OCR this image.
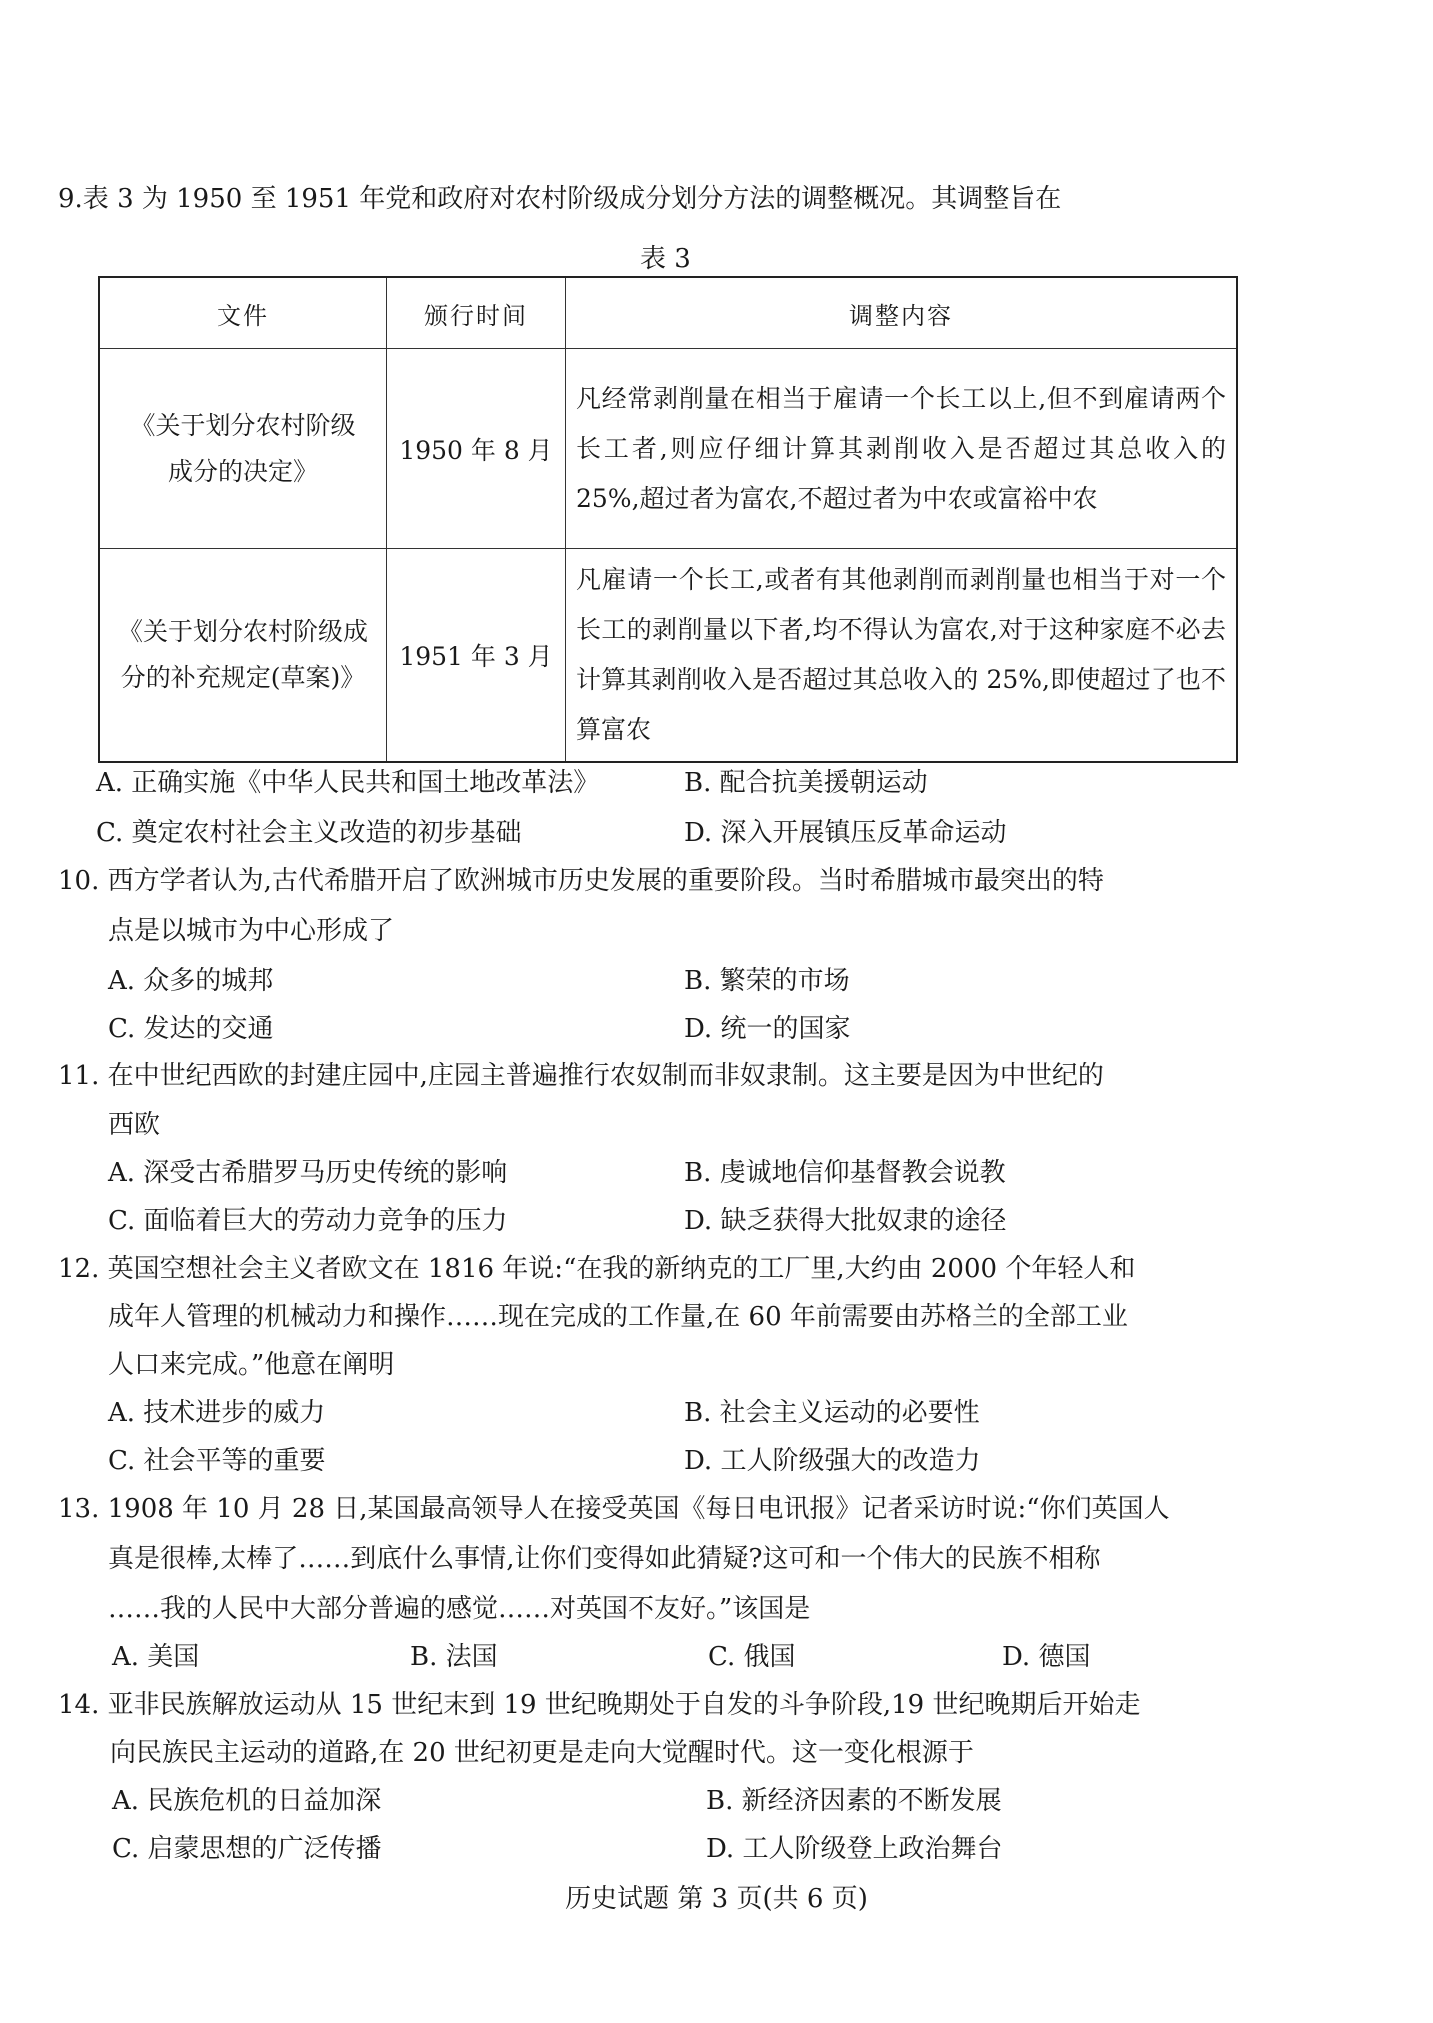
9.表 3 为 1950 至 1951 年党和政府对农村阶级成分划分方法的调整概况。其调整旨在
表 3
文件	颁行时间	调整内容

《关于划分农村阶级
成分的决定》	1950 年 8 月	凡经常剥削量在相当于雇请一个长工以上,但不到雇请两个长工者,则应仔细计算其剥削收入是否超过其总收入的 25%,超过者为富农,不超过者为中农或富裕中农

《关于划分农村阶级成
分的补充规定(草案)》	1951 年 3 月	凡雇请一个长工,或者有其他剥削而剥削量也相当于对一个长工的剥削量以下者,均不得认为富农,对于这种家庭不必去计算其剥削收入是否超过其总收入的 25%,即使超过了也不算富农
A. 正确实施《中华人民共和国土地改革法》	B. 配合抗美援朝运动
C. 奠定农村社会主义改造的初步基础	D. 深入开展镇压反革命运动
10. 西方学者认为,古代希腊开启了欧洲城市历史发展的重要阶段。当时希腊城市最突出的特
点是以城市为中心形成了
A. 众多的城邦	B. 繁荣的市场
C. 发达的交通	D. 统一的国家
11. 在中世纪西欧的封建庄园中,庄园主普遍推行农奴制而非奴隶制。这主要是因为中世纪的
西欧
A. 深受古希腊罗马历史传统的影响	B. 虔诚地信仰基督教会说教
C. 面临着巨大的劳动力竞争的压力	D. 缺乏获得大批奴隶的途径
12. 英国空想社会主义者欧文在 1816 年说:“在我的新纳克的工厂里,大约由 2000 个年轻人和
成年人管理的机械动力和操作……现在完成的工作量,在 60 年前需要由苏格兰的全部工业
人口来完成。”他意在阐明
A. 技术进步的威力	B. 社会主义运动的必要性
C. 社会平等的重要	D. 工人阶级强大的改造力
13. 1908 年 10 月 28 日,某国最高领导人在接受英国《每日电讯报》记者采访时说:“你们英国人
真是很棒,太棒了……到底什么事情,让你们变得如此猜疑?这可和一个伟大的民族不相称
……我的人民中大部分普遍的感觉……对英国不友好。”该国是
A. 美国	B. 法国	C. 俄国	D. 德国
14. 亚非民族解放运动从 15 世纪末到 19 世纪晚期处于自发的斗争阶段,19 世纪晚期后开始走
向民族民主运动的道路,在 20 世纪初更是走向大觉醒时代。这一变化根源于
A. 民族危机的日益加深	B. 新经济因素的不断发展
C. 启蒙思想的广泛传播	D. 工人阶级登上政治舞台
历史试题 第 3 页(共 6 页)
